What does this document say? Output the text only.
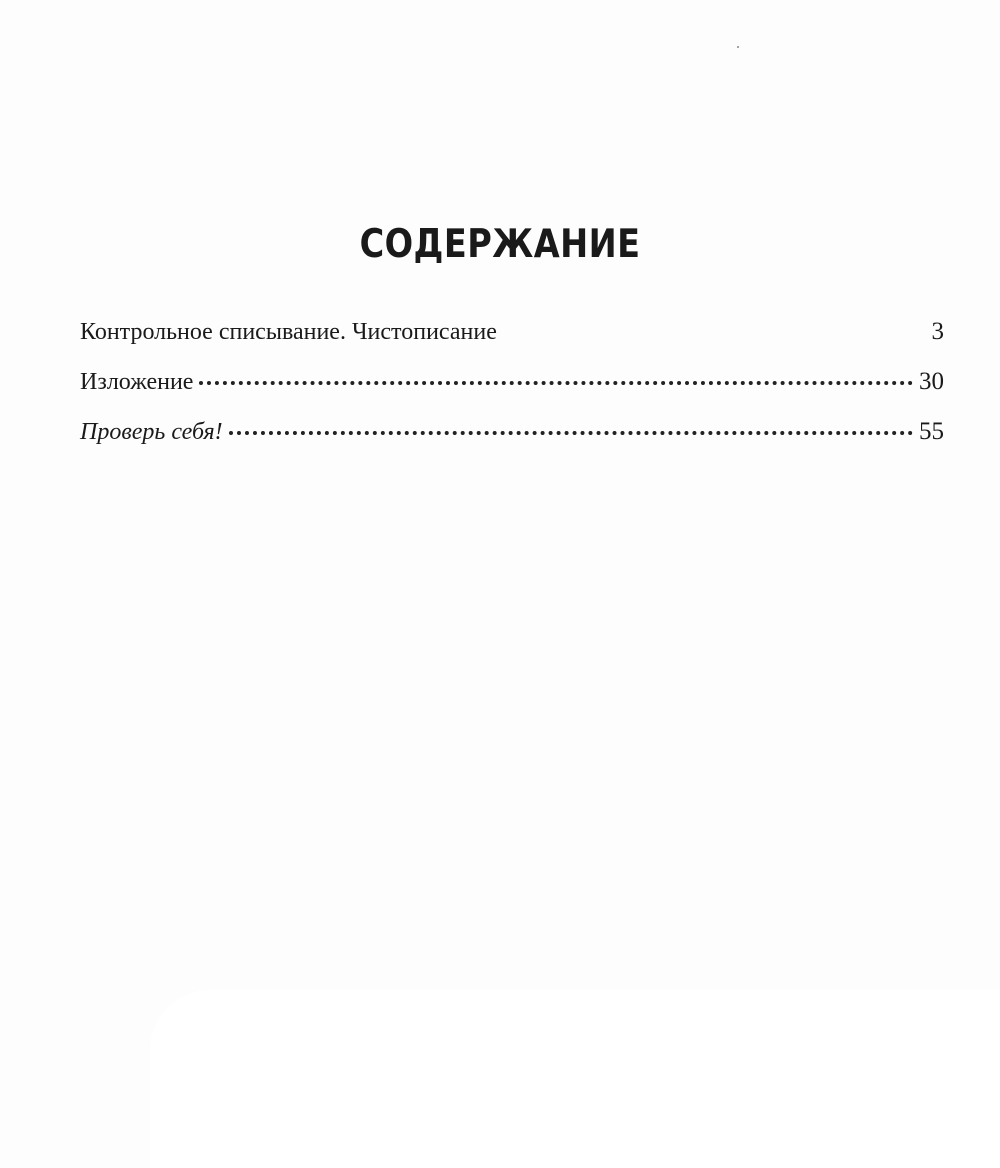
СОДЕРЖАНИЕ
Контрольное списывание. Чистописание	3
Изложение	30
Проверь себя!	55
